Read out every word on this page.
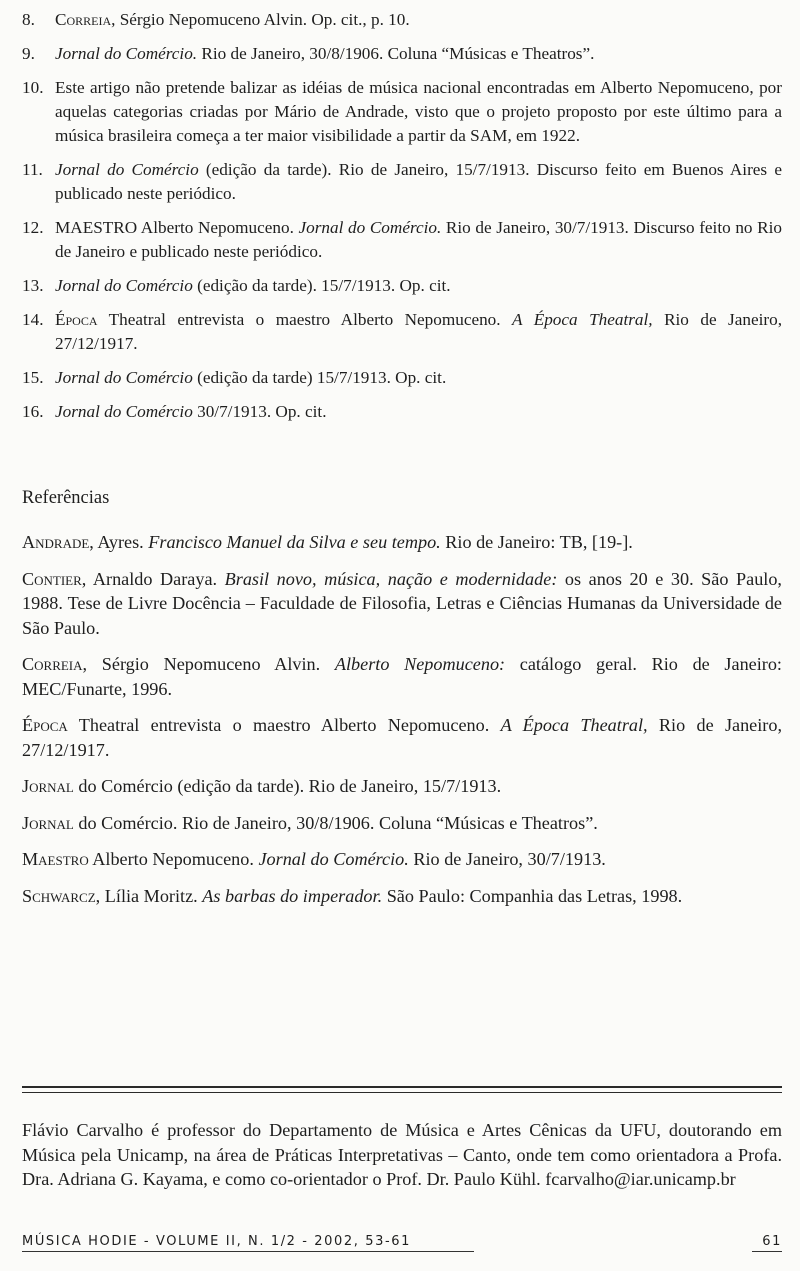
8. Correia, Sérgio Nepomuceno Alvin. Op. cit., p. 10.

9. Jornal do Comércio. Rio de Janeiro, 30/8/1906. Coluna “Músicas e Theatros”.

10. Este artigo não pretende balizar as idéias de música nacional encontradas em Alberto Nepomuceno, por aquelas categorias criadas por Mário de Andrade, visto que o projeto proposto por este último para a música brasileira começa a ter maior visibilidade a partir da SAM, em 1922.

11. Jornal do Comércio (edição da tarde). Rio de Janeiro, 15/7/1913. Discurso feito em Buenos Aires e publicado neste periódico.

12. MAESTRO Alberto Nepomuceno. Jornal do Comércio. Rio de Janeiro, 30/7/1913. Discurso feito no Rio de Janeiro e publicado neste periódico.

13. Jornal do Comércio (edição da tarde). 15/7/1913. Op. cit.

14. Época Theatral entrevista o maestro Alberto Nepomuceno. A Época Theatral, Rio de Janeiro, 27/12/1917.

15. Jornal do Comércio (edição da tarde) 15/7/1913. Op. cit.

16. Jornal do Comércio 30/7/1913. Op. cit.

Referências

Andrade, Ayres. Francisco Manuel da Silva e seu tempo. Rio de Janeiro: TB, [19-].

Contier, Arnaldo Daraya. Brasil novo, música, nação e modernidade: os anos 20 e 30. São Paulo, 1988. Tese de Livre Docência – Faculdade de Filosofia, Letras e Ciências Humanas da Universidade de São Paulo.

Correia, Sérgio Nepomuceno Alvin. Alberto Nepomuceno: catálogo geral. Rio de Janeiro: MEC/Funarte, 1996.

Época Theatral entrevista o maestro Alberto Nepomuceno. A Época Theatral, Rio de Janeiro, 27/12/1917.

Jornal do Comércio (edição da tarde). Rio de Janeiro, 15/7/1913.

Jornal do Comércio. Rio de Janeiro, 30/8/1906. Coluna “Músicas e Theatros”.

Maestro Alberto Nepomuceno. Jornal do Comércio. Rio de Janeiro, 30/7/1913.

Schwarcz, Lília Moritz. As barbas do imperador. São Paulo: Companhia das Letras, 1998.

Flávio Carvalho é professor do Departamento de Música e Artes Cênicas da UFU, doutorando em Música pela Unicamp, na área de Práticas Interpretativas – Canto, onde tem como orientadora a Profa. Dra. Adriana G. Kayama, e como co-orientador o Prof. Dr. Paulo Kühl. fcarvalho@iar.unicamp.br

MÚSICA HODIE - VOLUME II, N. 1/2 - 2002, 53-61	61
